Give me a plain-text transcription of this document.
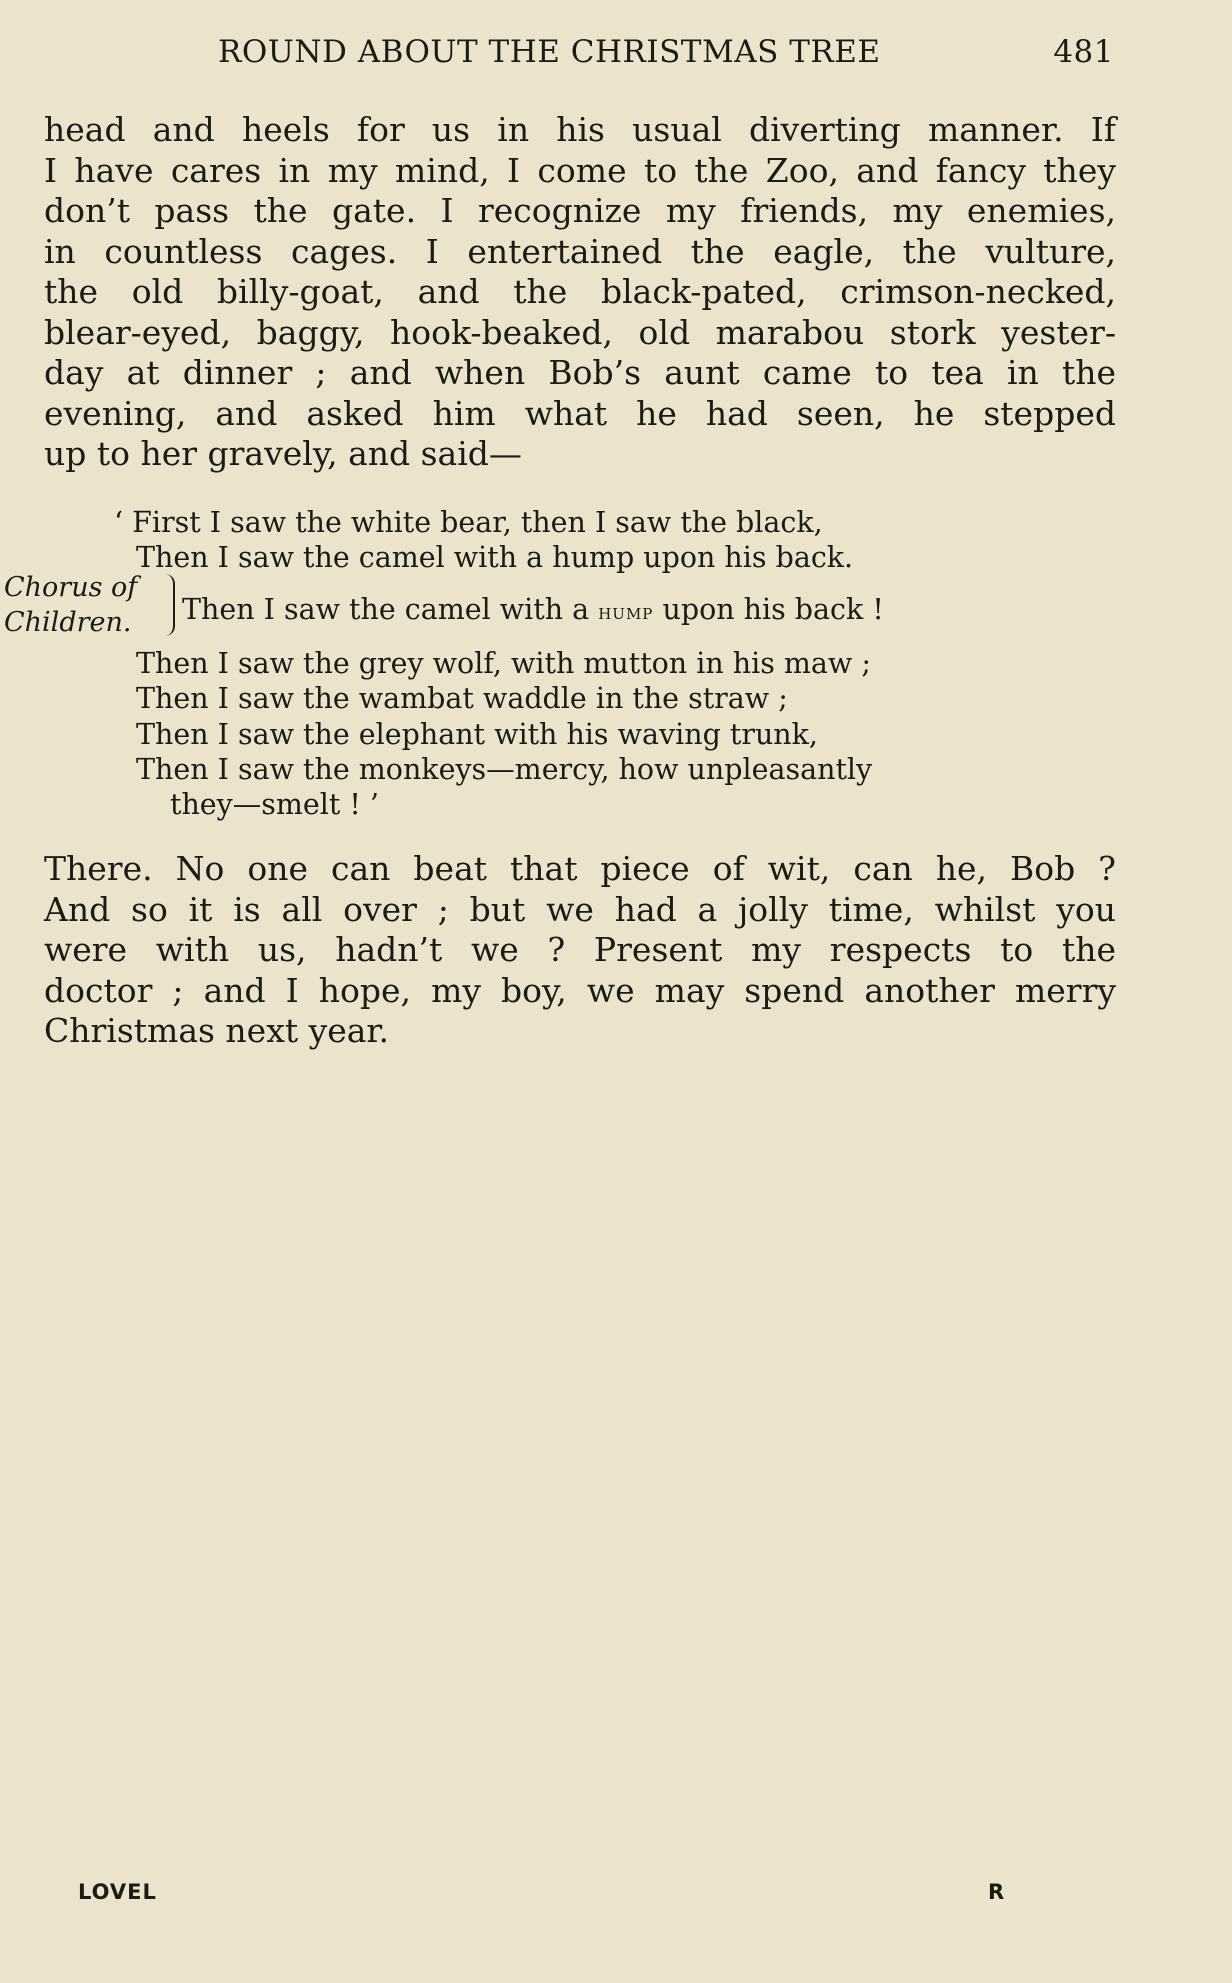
ROUND ABOUT THE CHRISTMAS TREE	481
head and heels for us in his usual diverting manner. If
I have cares in my mind, I come to the Zoo, and fancy they
don’t pass the gate. I recognize my friends, my enemies,
in countless cages. I entertained the eagle, the vulture,
the old billy-goat, and the black-pated, crimson-necked,
blear-eyed, baggy, hook-beaked, old marabou stork yester-
day at dinner ; and when Bob’s aunt came to tea in the
evening, and asked him what he had seen, he stepped
up to her gravely, and said—
‘ First I saw the white bear, then I saw the black,
Then I saw the camel with a hump upon his back.
Chorus of
Children. Then I saw the camel with a hump upon his back !
Then I saw the grey wolf, with mutton in his maw ;
Then I saw the wambat waddle in the straw ;
Then I saw the elephant with his waving trunk,
Then I saw the monkeys—mercy, how unpleasantly
they—smelt ! ’
There. No one can beat that piece of wit, can he, Bob ?
And so it is all over ; but we had a jolly time, whilst you
were with us, hadn’t we ? Present my respects to the
doctor ; and I hope, my boy, we may spend another merry
Christmas next year.
LOVEL	R
